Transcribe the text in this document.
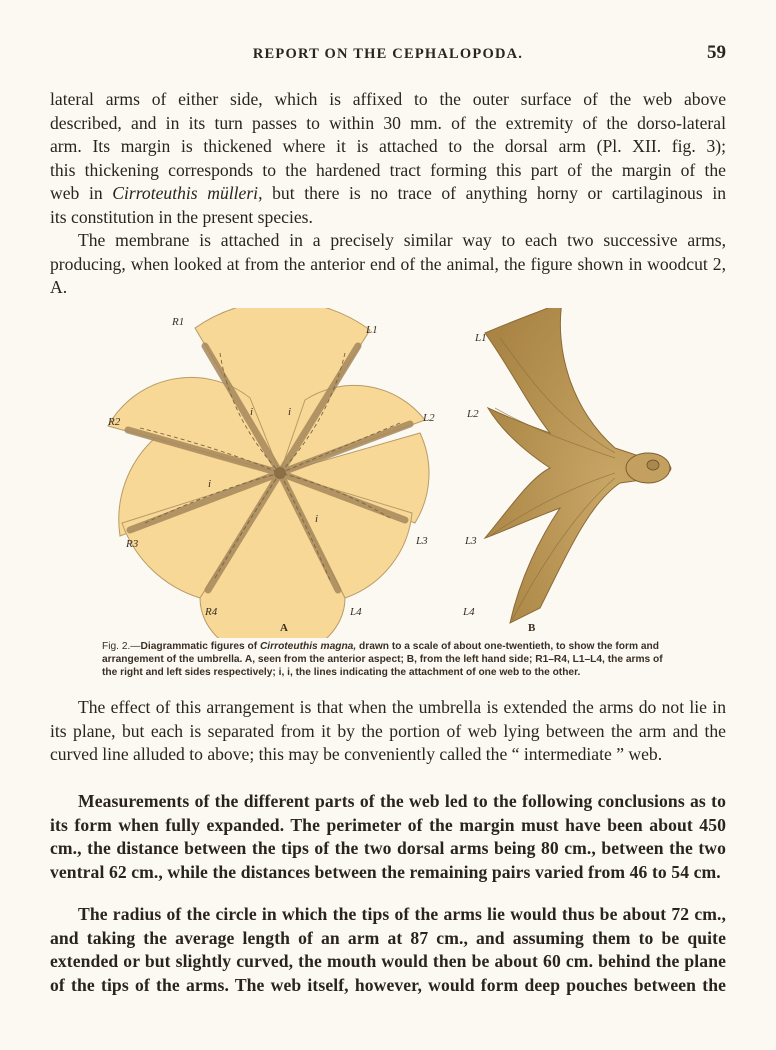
REPORT ON THE CEPHALOPODA.	59
lateral arms of either side, which is affixed to the outer surface of the web above
described, and in its turn passes to within 30 mm. of the extremity of the dorso-lateral
arm. Its margin is thickened where it is attached to the dorsal arm (Pl. XII. fig. 3);
this thickening corresponds to the hardened tract forming this part of the margin of the
web in Cirroteuthis mülleri, but there is no trace of anything horny or cartilaginous in
its constitution in the present species.

The membrane is attached in a precisely similar way to each two successive arms, producing, when looked at from the anterior end of the animal, the figure shown in woodcut 2, A.

R1
L1
R2	L2
R3	L3
R4	L4
i	i
i
i
L1
L2
L3
L4
A	B
Fig. 2.—Diagrammatic figures of Cirroteuthis magna, drawn to a scale of about one-twentieth, to show the form and arrangement of the umbrella. A, seen from the anterior aspect; B, from the left hand side; R1–R4, L1–L4, the arms of the right and left sides respectively; i, i, the lines indicating the attachment of one web to the other.

The effect of this arrangement is that when the umbrella is extended the arms do not lie in its plane, but each is separated from it by the portion of web lying between the arm and the curved line alluded to above; this may be conveniently called the “ intermediate ” web.

Measurements of the different parts of the web led to the following conclusions as to its form when fully expanded. The perimeter of the margin must have been about 450 cm., the distance between the tips of the two dorsal arms being 80 cm., between the two ventral 62 cm., while the distances between the remaining pairs varied from 46 to 54 cm.

The radius of the circle in which the tips of the arms lie would thus be about 72 cm., and taking the average length of an arm at 87 cm., and assuming them to be quite extended or but slightly curved, the mouth would then be about 60 cm. behind the plane of the tips of the arms. The web itself, however, would form deep pouches between the
